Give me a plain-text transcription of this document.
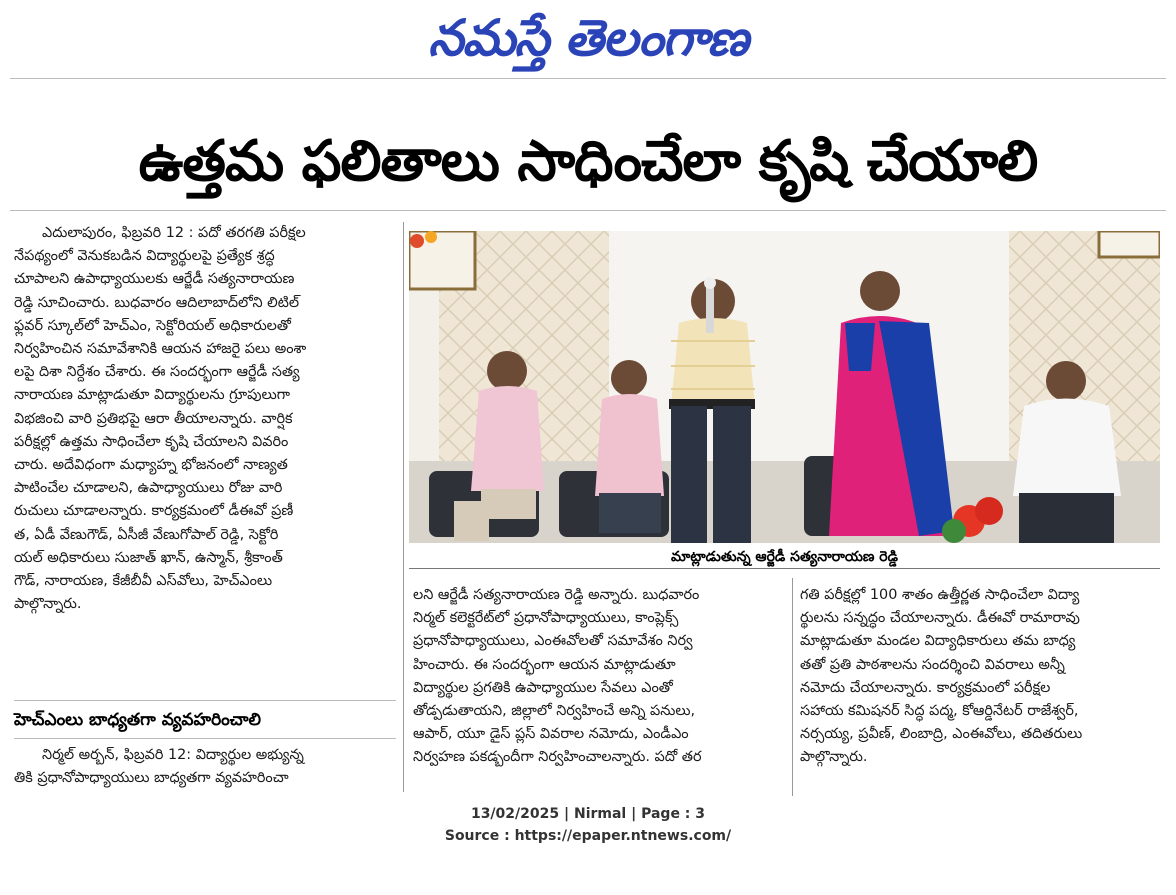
నమస్తే తెలంగాణ
ఉత్తమ ఫలితాలు సాధించేలా కృషి చేయాలి
ఎదులాపురం, ఫిబ్రవరి 12 : పదో తరగతి పరీక్షల
నేపథ్యంలో వెనుకబడిన విద్యార్థులపై ప్రత్యేక శ్రద్ధ
చూపాలని ఉపాధ్యాయులకు ఆర్జేడీ సత్యనారాయణ
రెడ్డి సూచించారు. బుధవారం ఆదిలాబాద్‌లోని లిటిల్
ఫ్లవర్ స్కూల్‌లో హెచ్‌ఎం, సెక్టోరియల్ అధికారులతో
నిర్వహించిన సమావేశానికి ఆయన హాజరై పలు అంశా
లపై దిశా నిర్దేశం చేశారు. ఈ సందర్భంగా ఆర్జేడీ సత్య
నారాయణ మాట్లాడుతూ విద్యార్థులను గ్రూపులుగా
విభజించి వారి ప్రతిభపై ఆరా తీయాలన్నారు. వార్షిక
పరీక్షల్లో ఉత్తమ సాధించేలా కృషి చేయాలని వివరిం
చారు. అదేవిధంగా మధ్యాహ్న భోజనంలో నాణ్యత
పాటించేల చూడాలని, ఉపాధ్యాయులు రోజు వారి
రుచులు చూడాలన్నారు. కార్యక్రమంలో డీఈవో ప్రణీ
త, ఏడీ వేణుగౌడ్, ఏసీజీ వేణుగోపాల్ రెడ్డి, సెక్టోరి
యల్ అధికారులు సుజాత్ ఖాన్, ఉస్మాన్, శ్రీకాంత్
గౌడ్, నారాయణ, కేజీబీవీ ఎస్‌వోలు, హెచ్‌ఎంలు
పాల్గొన్నారు.
హెచ్‌ఎంలు బాధ్యతగా వ్యవహరించాలి
నిర్మల్ అర్బన్, ఫిబ్రవరి 12: విద్యార్థుల అభ్యున్న
తికి ప్రధానోపాధ్యాయులు బాధ్యతగా వ్యవహరించా
మాట్లాడుతున్న ఆర్జేడీ సత్యనారాయణ రెడ్డి
లని ఆర్జేడీ సత్యనారాయణ రెడ్డి అన్నారు. బుధవారం
నిర్మల్ కలెక్టరేట్‌లో ప్రధానోపాధ్యాయులు, కాంప్లెక్స్
ప్రధానోపాధ్యాయులు, ఎంఈవోలతో సమావేశం నిర్వ
హించారు. ఈ సందర్భంగా ఆయన మాట్లాడుతూ
విద్యార్థుల ప్రగతికి ఉపాధ్యాయుల సేవలు ఎంతో
తోడ్పడుతాయని, జిల్లాలో నిర్వహించే అన్ని పనులు,
ఆపార్, యూ డైస్ ప్లస్ వివరాల నమోదు, ఎండీఎం
నిర్వహణ పకడ్బందీగా నిర్వహించాలన్నారు. పదో తర
గతి పరీక్షల్లో 100 శాతం ఉత్తీర్ణత సాధించేలా విద్యా
ర్థులను సన్నద్ధం చేయాలన్నారు. డీఈవో రామారావు
మాట్లాడుతూ మండల విద్యాధికారులు తమ బాధ్య
తతో ప్రతి పాఠశాలను సందర్శించి వివరాలు అన్నీ
నమోదు చేయాలన్నారు. కార్యక్రమంలో పరీక్షల
సహాయ కమిషనర్ సిద్ధ పద్మ, కోఆర్డినేటర్ రాజేశ్వర్,
నర్సయ్య, ప్రవీణ్, లింబాద్రి, ఎంఈవోలు, తదితరులు
పాల్గొన్నారు.
13/02/2025 | Nirmal | Page : 3
Source : https://epaper.ntnews.com/
